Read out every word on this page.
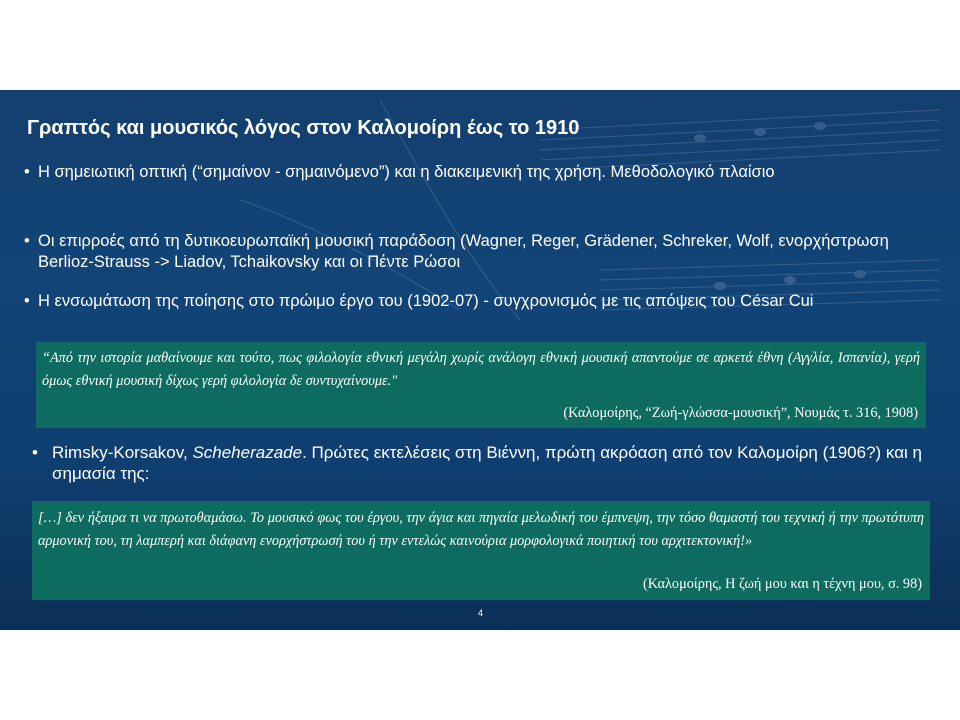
Γραπτός και μουσικός λόγος στον Καλομοίρη έως το 1910
• Η σημειωτική οπτική (“σημαίνον - σημαινόμενο”) και η διακειμενική της χρήση. Μεθοδολογικό πλαίσιο
• Οι επιρροές από τη δυτικοευρωπαϊκή μουσική παράδοση (Wagner, Reger, Grädener, Schreker, Wolf, ενορχήστρωση Berlioz-Strauss -> Liadov, Tchaikovsky και οι Πέντε Ρώσοι
• Η ενσωμάτωση της ποίησης στο πρώιμο έργο του (1902-07) - συγχρονισμός με τις απόψεις του César Cui
“Από την ιστορία μαθαίνουμε και τούτο, πως φιλολογία εθνική μεγάλη χωρίς ανάλογη εθνική μουσική απαντούμε σε αρκετά έθνη (Αγγλία, Ισπανία), γερή όμως εθνική μουσική δίχως γερή φιλολογία δε συντυχαίνουμε."
(Καλομοίρης, “Ζωή-γλώσσα-μουσική”, Νουμάς τ. 316, 1908)
• Rimsky-Korsakov, Scheherazade. Πρώτες εκτελέσεις στη Βιέννη, πρώτη ακρόαση από τον Καλομοίρη (1906?) και η σημασία της:
[…] δεν ήξαιρα τι να πρωτοθαμάσω. Το μουσικό φως του έργου, την άγια και πηγαία μελωδική του έμπνεψη, την τόσο θαμαστή του τεχνική ή την πρωτότυπη αρμονική του, τη λαμπερή και διάφανη ενορχήστρωσή του ή την εντελώς καινούρια μορφολογικά ποιητική του αρχιτεκτονική!»
(Καλομοίρης, Η ζωή μου και η τέχνη μου, σ. 98)
4
